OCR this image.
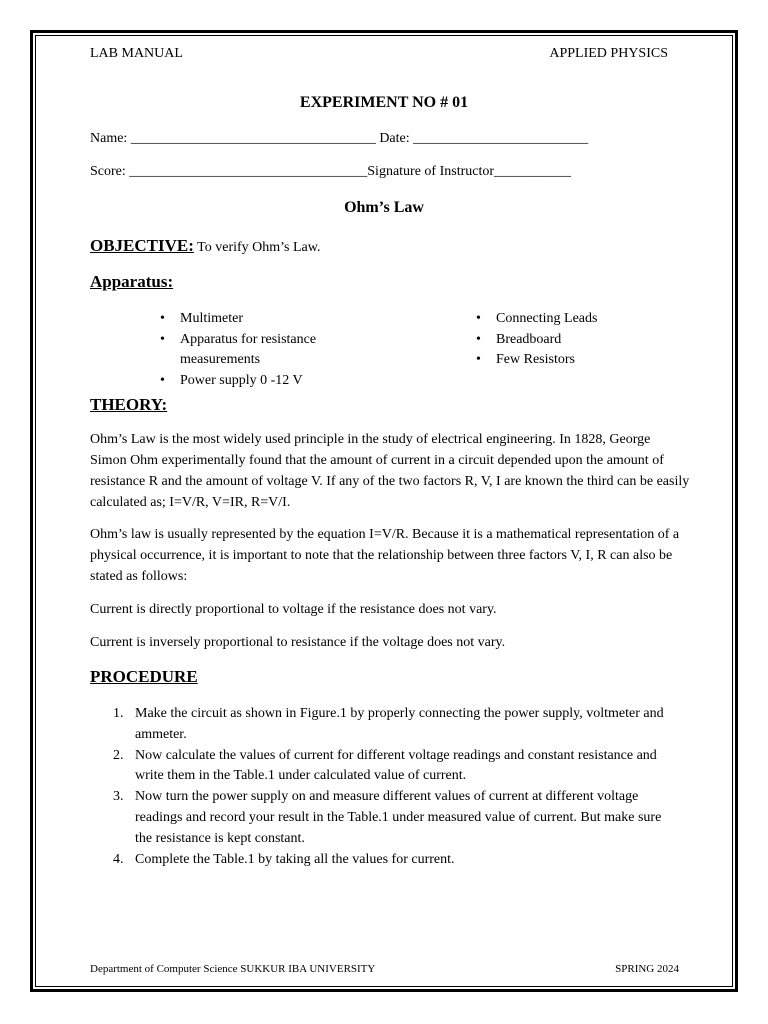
LAB MANUAL	APPLIED PHYSICS
EXPERIMENT NO # 01
Name: ___________________________________ Date: _________________________
Score: __________________________________Signature of Instructor___________
Ohm’s Law
OBJECTIVE: To verify Ohm’s Law.
Apparatus:
• Multimeter
• Apparatus for resistance measurements
• Power supply 0 -12 V
• Connecting Leads
• Breadboard
• Few Resistors
THEORY:

Ohm’s Law is the most widely used principle in the study of electrical engineering. In 1828, George Simon Ohm experimentally found that the amount of current in a circuit depended upon the amount of resistance R and the amount of voltage V. If any of the two factors R, V, I are known the third can be easily calculated as; I=V/R, V=IR, R=V/I.

Ohm’s law is usually represented by the equation I=V/R. Because it is a mathematical representation of a physical occurrence, it is important to note that the relationship between three factors V, I, R can also be stated as follows:

Current is directly proportional to voltage if the resistance does not vary.

Current is inversely proportional to resistance if the voltage does not vary.

PROCEDURE
1. Make the circuit as shown in Figure.1 by properly connecting the power supply, voltmeter and ammeter.
2. Now calculate the values of current for different voltage readings and constant resistance and write them in the Table.1 under calculated value of current.
3. Now turn the power supply on and measure different values of current at different voltage readings and record your result in the Table.1 under measured value of current. But make sure the resistance is kept constant.
4. Complete the Table.1 by taking all the values for current.
Department of Computer Science SUKKUR IBA UNIVERSITY	SPRING 2024
